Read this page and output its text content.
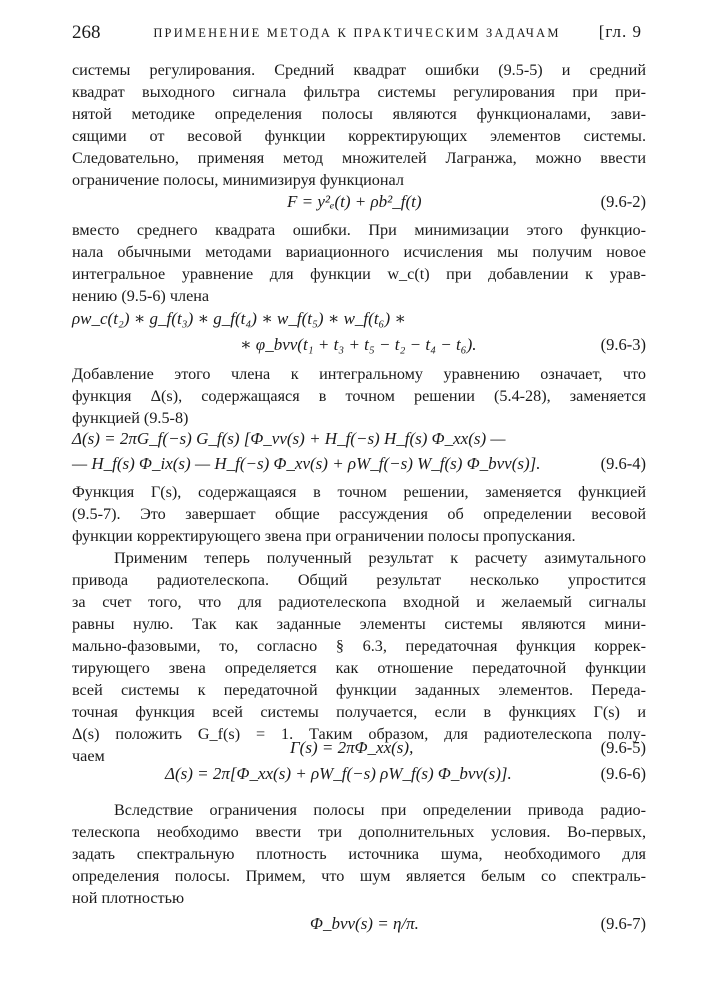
268	ПРИМЕНЕНИЕ МЕТОДА К ПРАКТИЧЕСКИМ ЗАДАЧАМ	[гл. 9
системы регулирования. Средний квадрат ошибки (9.5-5) и средний
квадрат выходного сигнала фильтра системы регулирования при при-
нятой методике определения полосы являются функционалами, зави-
сящими от весовой функции корректирующих элементов системы.
Следовательно, применяя метод множителей Лагранжа, можно ввести
ограничение полосы, минимизируя функционал
F = y²ₑ(t) + ρb²_f(t)	(9.6-2)
вместо среднего квадрата ошибки. При минимизации этого функцио-
нала обычными методами вариационного исчисления мы получим новое
интегральное уравнение для функции w_c(t) при добавлении к урав-
нению (9.5-6) члена
ρw_c(t₂) ∗ g_f(t₃) ∗ g_f(t₄) ∗ w_f(t₅) ∗ w_f(t₆) ∗
∗ φ_bvv(t₁ + t₃ + t₅ − t₂ − t₄ − t₆).	(9.6-3)
Добавление этого члена к интегральному уравнению означает, что
функция Δ(s), содержащаяся в точном решении (5.4-28), заменяется
функцией (9.5-8)
Δ(s) = 2πG_f(−s) G_f(s) [Φ_vv(s) + H_f(−s) H_f(s) Φ_xx(s) —
— H_f(s) Φ_ix(s) — H_f(−s) Φ_xv(s) + ρW_f(−s) W_f(s) Φ_bvv(s)].	(9.6-4)
Функция Γ(s), содержащаяся в точном решении, заменяется функцией
(9.5-7). Это завершает общие рассуждения об определении весовой
функции корректирующего звена при ограничении полосы пропускания.
Применим теперь полученный результат к расчету азимутального
привода радиотелескопа. Общий результат несколько упростится
за счет того, что для радиотелескопа входной и желаемый сигналы
равны нулю. Так как заданные элементы системы являются мини-
мально-фазовыми, то, согласно § 6.3, передаточная функция коррек-
тирующего звена определяется как отношение передаточной функции
всей системы к передаточной функции заданных элементов. Переда-
точная функция всей системы получается, если в функциях Γ(s) и
Δ(s) положить G_f(s) = 1. Таким образом, для радиотелескопа полу-
чаем	Γ(s) = 2πΦ_xx(s),	(9.6-5)
Δ(s) = 2π[Φ_xx(s) + ρW_f(−s) ρW_f(s) Φ_bvv(s)].	(9.6-6)
Вследствие ограничения полосы при определении привода радио-
телескопа необходимо ввести три дополнительных условия. Во-первых,
задать спектральную плотность источника шума, необходимого для
определения полосы. Примем, что шум является белым со спектраль-
ной плотностью
Φ_bvv(s) = η/π.	(9.6-7)
